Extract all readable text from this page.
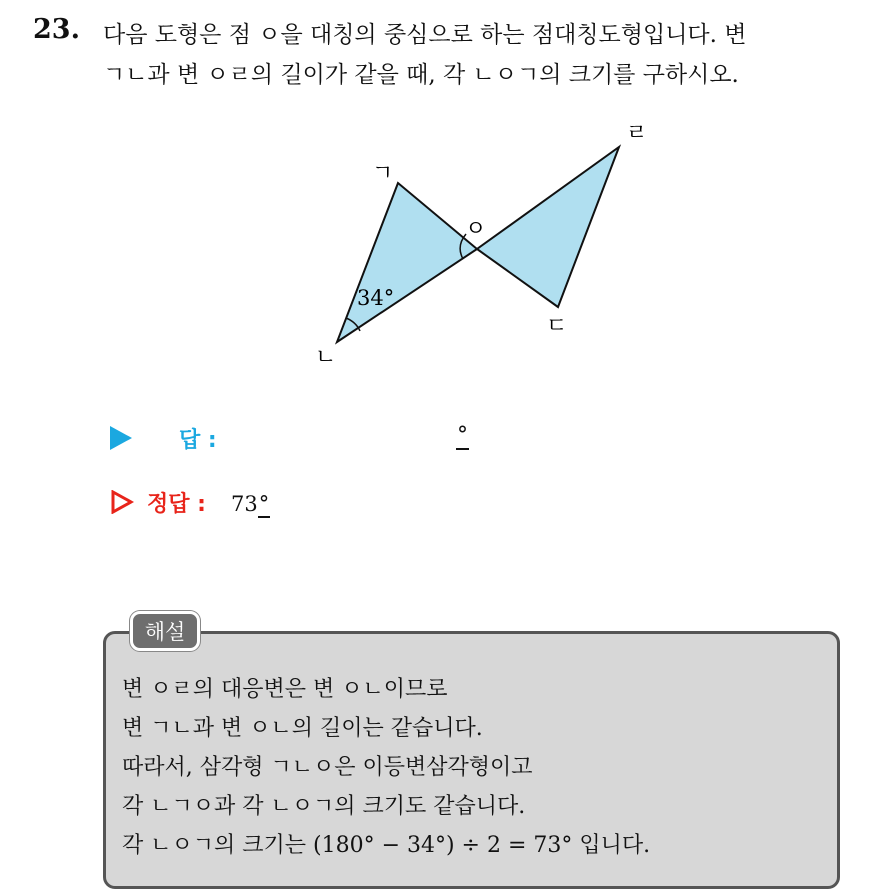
23. 다음 도형은 점 ㅇ을 대칭의 중심으로 하는 점대칭도형입니다. 변
ㄱㄴ과 변 ㅇㄹ의 길이가 같을 때, 각 ㄴㅇㄱ의 크기를 구하시오.
ㄱ
ㄴ
ㄷ
ㄹ
ㅇ
34°
답 :	°
정답 : 73°
해설
변 ㅇㄹ의 대응변은 변 ㅇㄴ이므로
변 ㄱㄴ과 변 ㅇㄴ의 길이는 같습니다.
따라서, 삼각형 ㄱㄴㅇ은 이등변삼각형이고
각 ㄴㄱㅇ과 각 ㄴㅇㄱ의 크기도 같습니다.
각 ㄴㅇㄱ의 크기는 (180° − 34°) ÷ 2 = 73° 입니다.
